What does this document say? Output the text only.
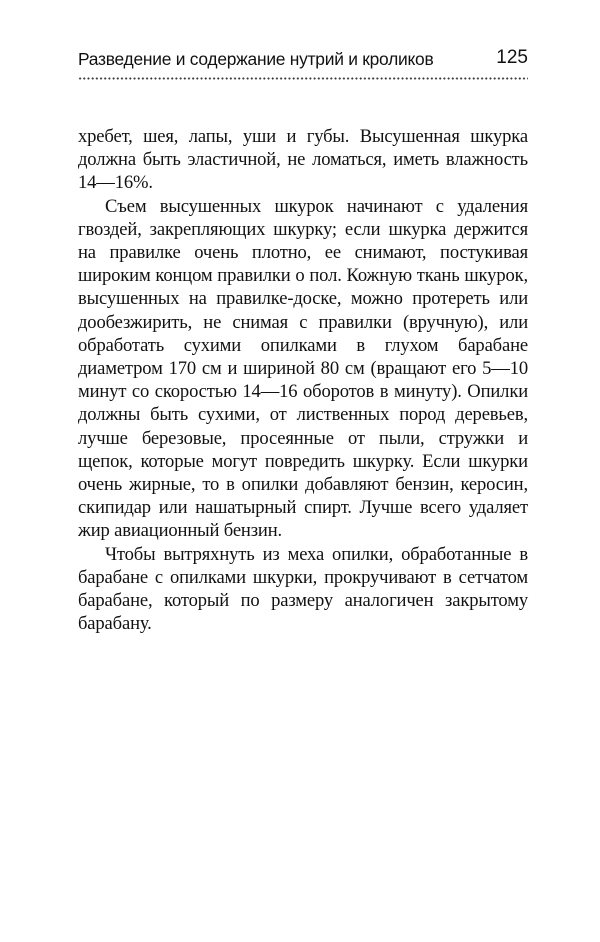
Разведение и содержание нутрий и кроликов	125

хребет, шея, лапы, уши и губы. Высушенная шкурка должна быть эластичной, не ломаться, иметь влажность 14—16%.

Съем высушенных шкурок начинают с удаления гвоздей, закрепляющих шкурку; если шкурка держится на правилке очень плотно, ее снимают, постукивая широким концом правилки о пол. Кожную ткань шкурок, высушенных на правилке-доске, можно протереть или дообезжирить, не снимая с правилки (вручную), или обработать сухими опилками в глухом барабане диаметром 170 см и шириной 80 см (вращают его 5—10 минут со скоростью 14—16 оборотов в минуту). Опилки должны быть сухими, от лиственных пород деревьев, лучше березовые, просеянные от пыли, стружки и щепок, которые могут повредить шкурку. Если шкурки очень жирные, то в опилки добавляют бензин, керосин, скипидар или нашатырный спирт. Лучше всего удаляет жир авиационный бензин.

Чтобы вытряхнуть из меха опилки, обработанные в барабане с опилками шкурки, прокручивают в сетчатом барабане, который по размеру аналогичен закрытому барабану.
